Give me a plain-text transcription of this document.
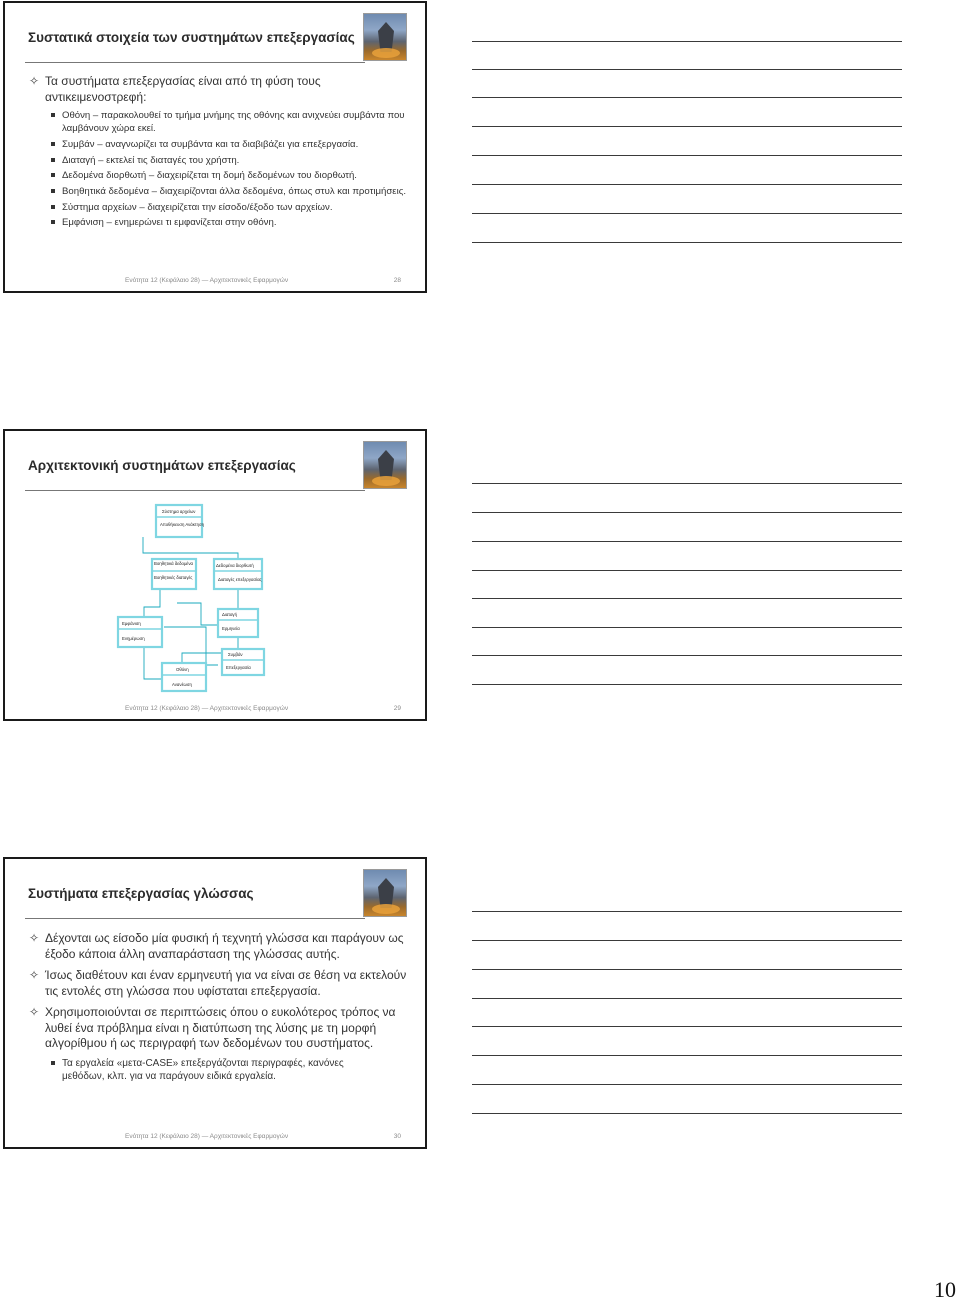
Συστατικά στοιχεία των συστημάτων επεξεργασίας
✧ Τα συστήματα επεξεργασίας είναι από τη φύση τους αντικειμενοστρεφή:
Οθόνη – παρακολουθεί το τμήμα μνήμης της οθόνης και ανιχνεύει συμβάντα που λαμβάνουν χώρα εκεί.
Συμβάν – αναγνωρίζει τα συμβάντα και τα διαβιβάζει για επεξεργασία.
Διαταγή – εκτελεί τις διαταγές του χρήστη.
Δεδομένα διορθωτή – διαχειρίζεται τη δομή δεδομένων του διορθωτή.
Βοηθητικά δεδομένα – διαχειρίζονται άλλα δεδομένα, όπως στυλ και προτιμήσεις.
Σύστημα αρχείων – διαχειρίζεται την είσοδο/έξοδο των αρχείων.
Εμφάνιση – ενημερώνει τι εμφανίζεται στην οθόνη.
Ενότητα 12 (Κεφάλαιο 28) — Αρχιτεκτονικές Εφαρμογών	28
Αρχιτεκτονική συστημάτων επεξεργασίας
Σύστημα αρχείων
Αποθήκευση Ανάκτηση
Βοηθητικά δεδομένα
Βοηθητικές διαταγές
Δεδομένα διορθωτή
Διαταγές επεξεργασίας
Διαταγή
Ερμηνεία
Εμφάνιση
Ενημέρωση
Συμβάν
Επεξεργασία
Οθόνη
Ανανέωση
Ενότητα 12 (Κεφάλαιο 28) — Αρχιτεκτονικές Εφαρμογών	29
Συστήματα επεξεργασίας γλώσσας
✧ Δέχονται ως είσοδο μία φυσική ή τεχνητή γλώσσα και παράγουν ως έξοδο κάποια άλλη αναπαράσταση της γλώσσας αυτής.
✧ Ίσως διαθέτουν και έναν ερμηνευτή για να είναι σε θέση να εκτελούν τις εντολές στη γλώσσα που υφίσταται επεξεργασία.
✧ Χρησιμοποιούνται σε περιπτώσεις όπου ο ευκολότερος τρόπος να λυθεί ένα πρόβλημα είναι η διατύπωση της λύσης με τη μορφή αλγορίθμου ή ως περιγραφή των δεδομένων του συστήματος.
Τα εργαλεία «μετα-CASE» επεξεργάζονται περιγραφές, κανόνες μεθόδων, κλπ. για να παράγουν ειδικά εργαλεία.
Ενότητα 12 (Κεφάλαιο 28) — Αρχιτεκτονικές Εφαρμογών	30
10
